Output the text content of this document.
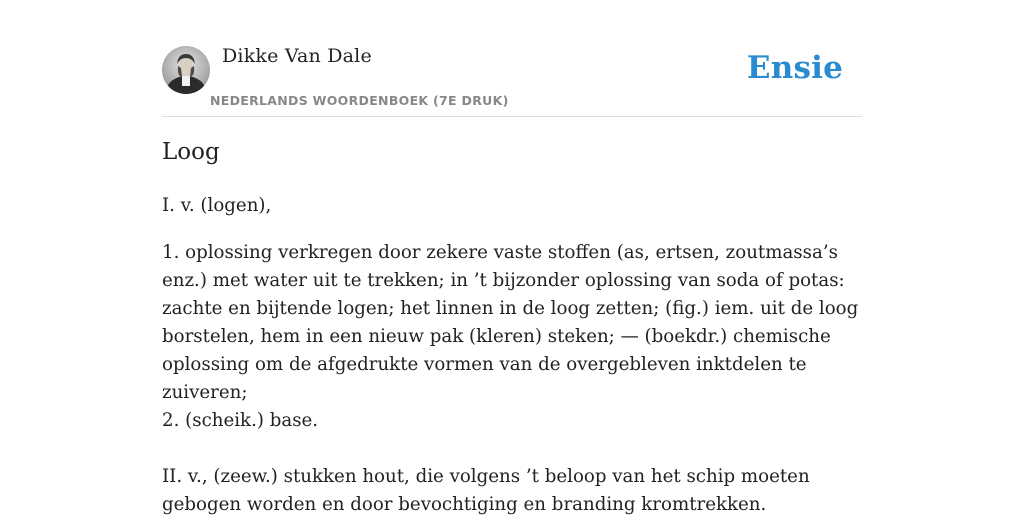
Dikke Van Dale
NEDERLANDS WOORDENBOEK (7E DRUK)
Ensie
Loog

I. v. (logen),

1. oplossing verkregen door zekere vaste stoffen (as, ertsen, zoutmassa’s enz.) met water uit te trekken; in ’t bijzonder oplossing van soda of potas: zachte en bijtende logen; het linnen in de loog zetten; (fig.) iem. uit de loog borstelen, hem in een nieuw pak (kleren) steken; — (boekdr.) chemische oplossing om de afgedrukte vormen van de overgebleven inktdelen te zuiveren;

2. (scheik.) base.

II. v., (zeew.) stukken hout, die volgens ’t beloop van het schip moeten gebogen worden en door bevochtiging en branding kromtrekken.
